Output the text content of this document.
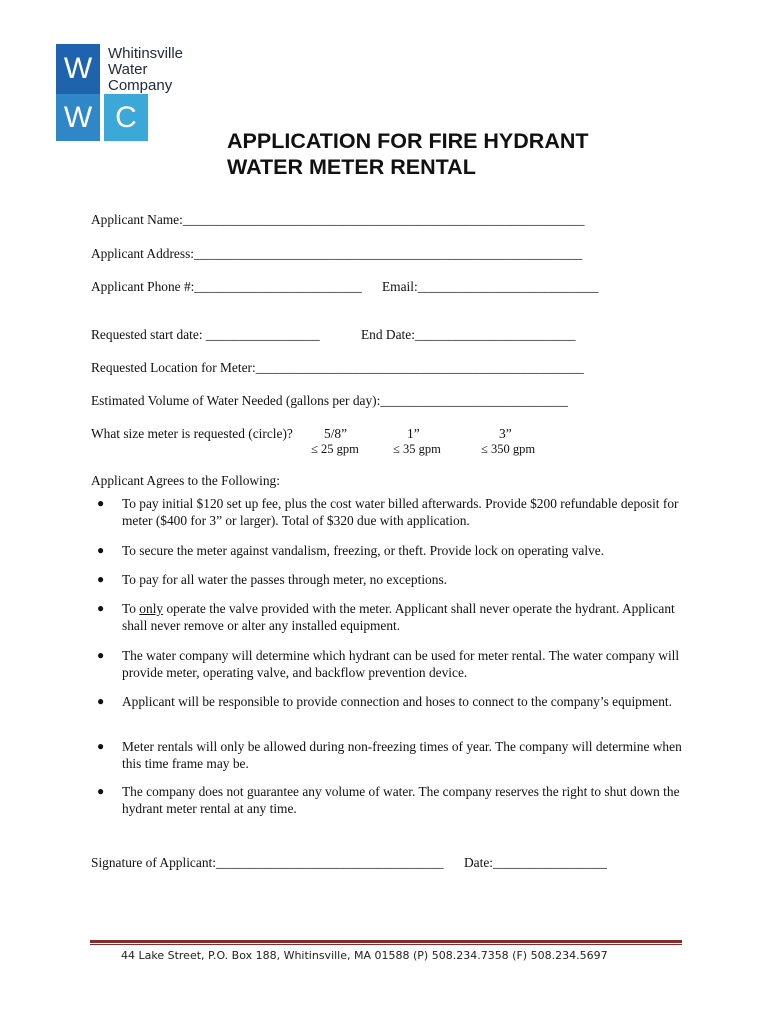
W
W C
Whitinsville
Water
Company
APPLICATION FOR FIRE HYDRANT
WATER METER RENTAL
Applicant Name:____________________________________________________________
Applicant Address:__________________________________________________________
Applicant Phone #:_________________________ Email:___________________________
Requested start date: _________________	End Date:________________________
Requested Location for Meter:_________________________________________________
Estimated Volume of Water Needed (gallons per day):____________________________
What size meter is requested (circle)? 5/8”
≤ 25 gpm
1”
≤ 35 gpm
3”
≤ 350 gpm
Applicant Agrees to the Following:
● To pay initial $120 set up fee, plus the cost water billed afterwards. Provide $200 refundable deposit for meter ($400 for 3” or larger). Total of $320 due with application.
● To secure the meter against vandalism, freezing, or theft. Provide lock on operating valve.
● To pay for all water the passes through meter, no exceptions.
● To only operate the valve provided with the meter. Applicant shall never operate the hydrant. Applicant shall never remove or alter any installed equipment.
● The water company will determine which hydrant can be used for meter rental. The water company will provide meter, operating valve, and backflow prevention device.
● Applicant will be responsible to provide connection and hoses to connect to the company’s equipment.
● Meter rentals will only be allowed during non-freezing times of year. The company will determine when this time frame may be.
● The company does not guarantee any volume of water. The company reserves the right to shut down the hydrant meter rental at any time.
Signature of Applicant:__________________________________ Date:_________________
44 Lake Street, P.O. Box 188, Whitinsville, MA 01588 (P) 508.234.7358 (F) 508.234.5697
